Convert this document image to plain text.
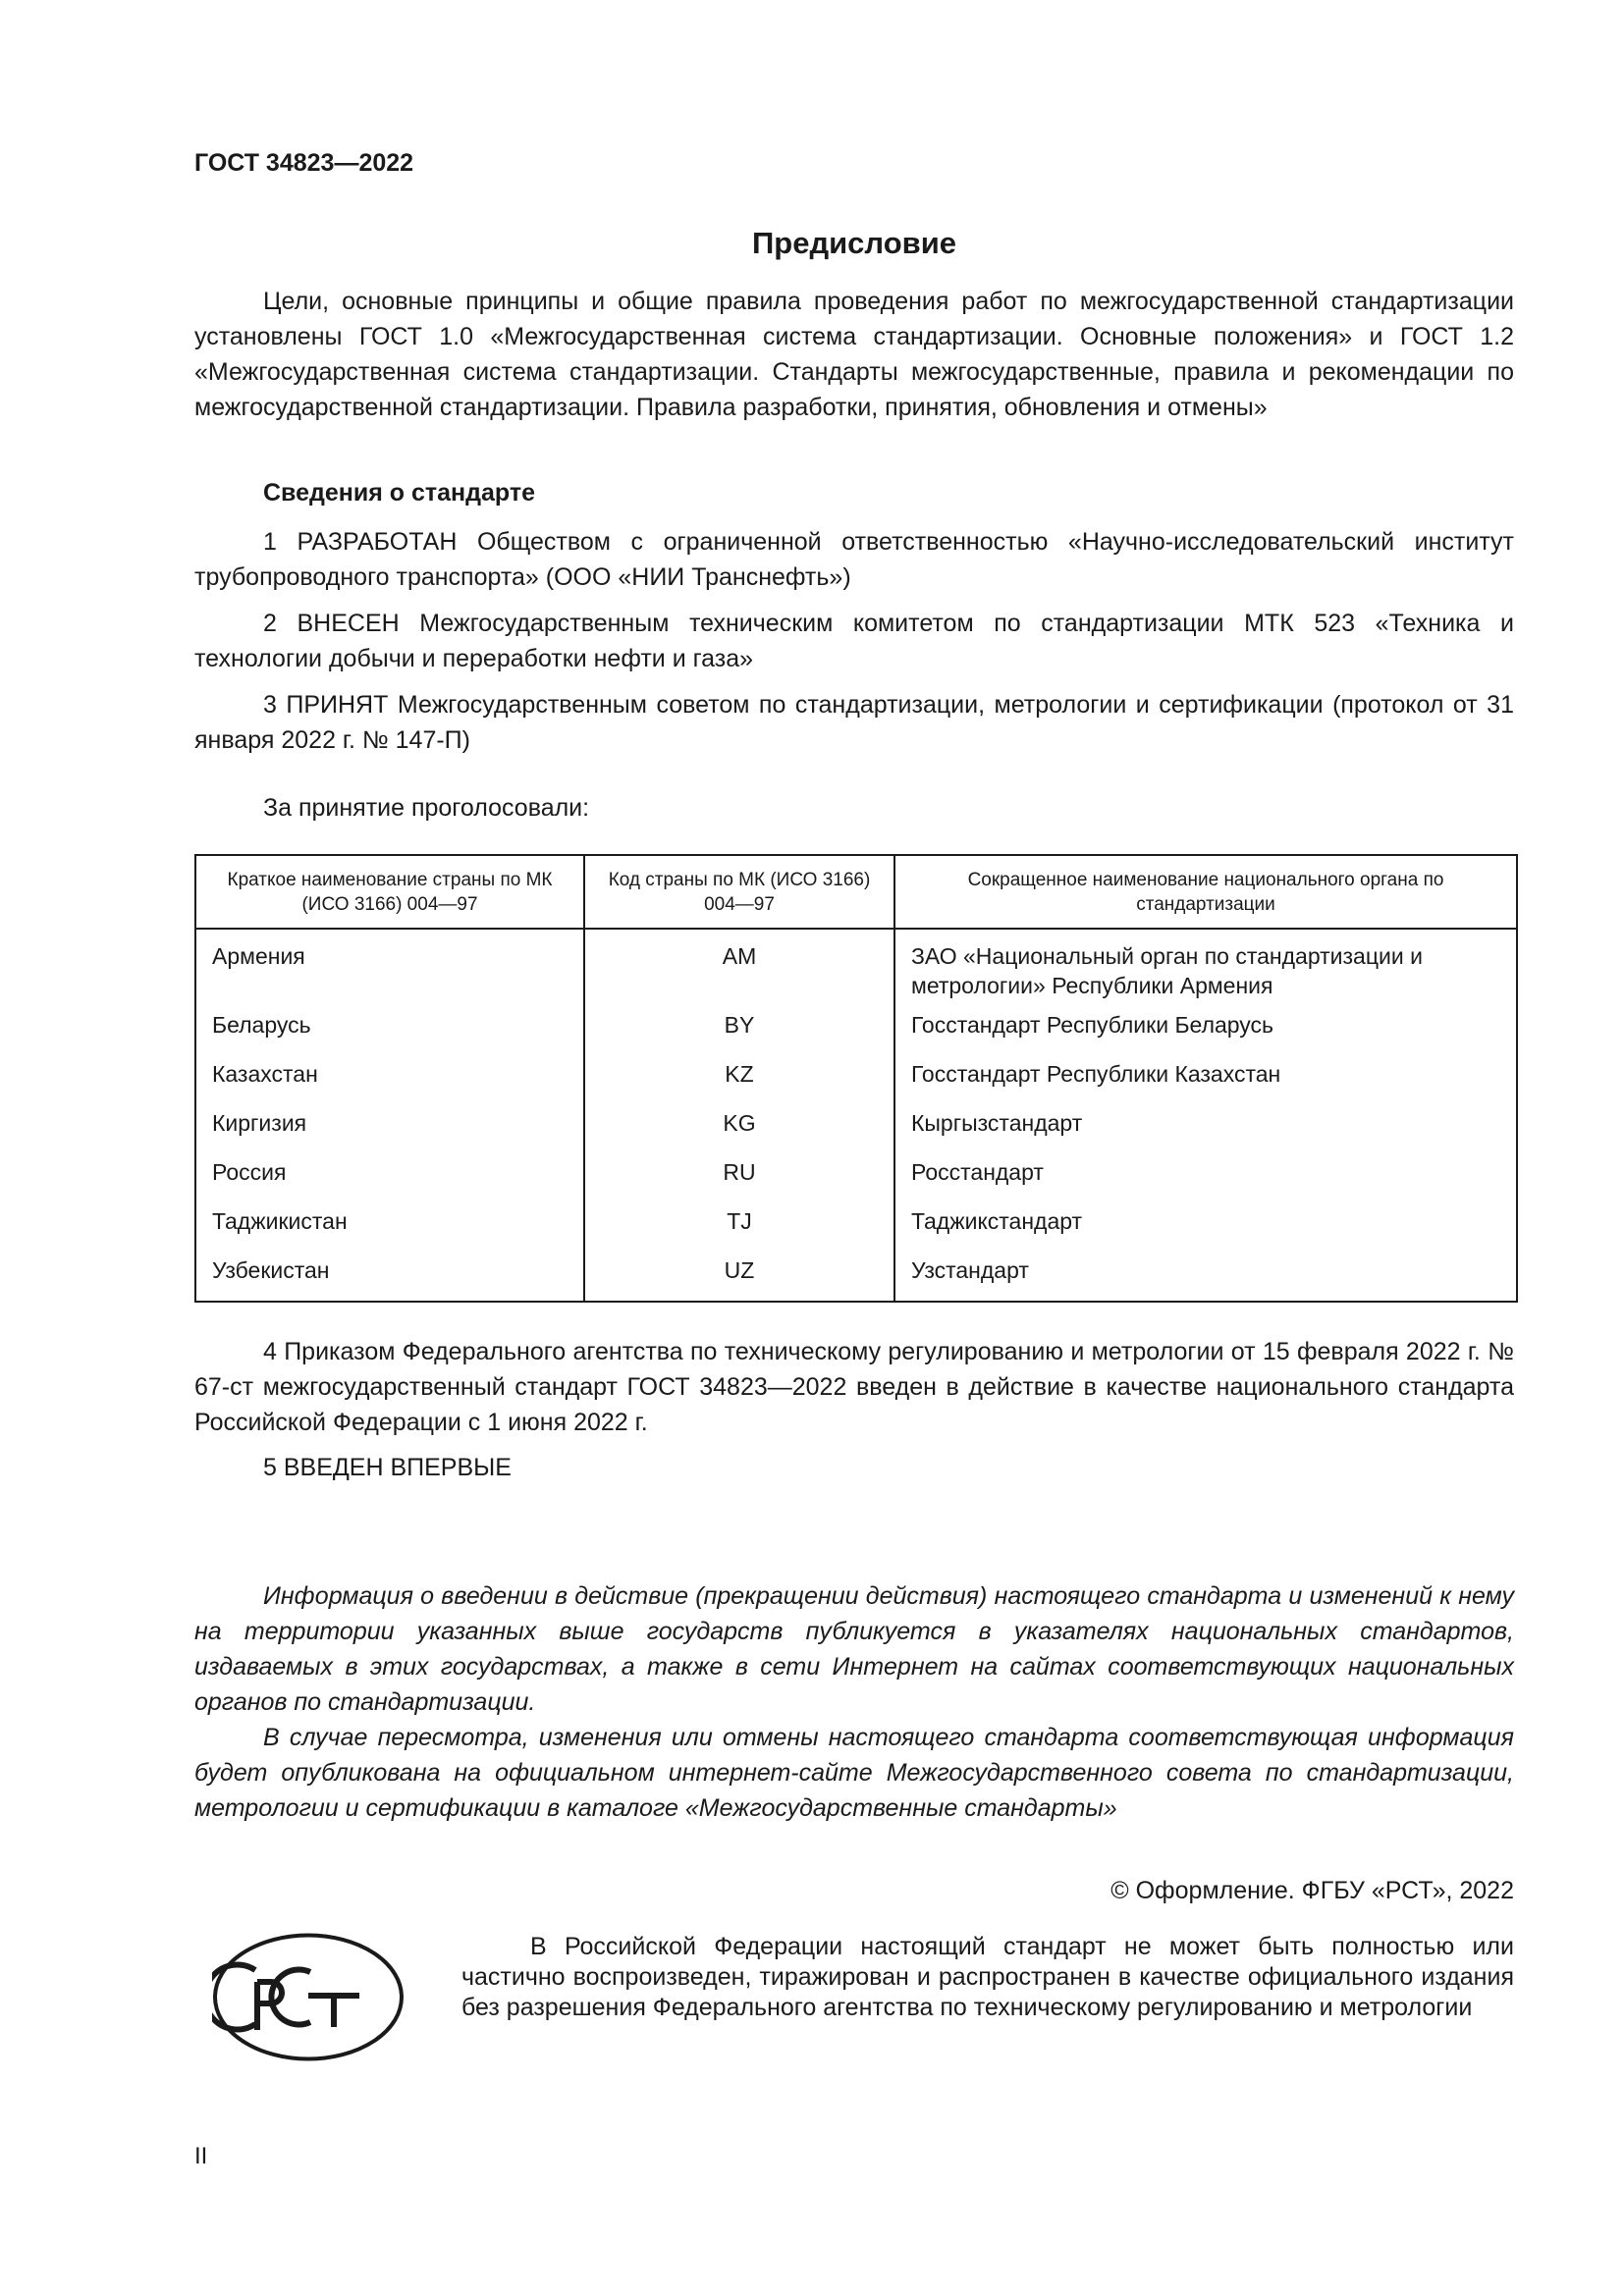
ГОСТ 34823—2022
Предисловие

Цели, основные принципы и общие правила проведения работ по межгосударственной стандартизации установлены ГОСТ 1.0 «Межгосударственная система стандартизации. Основные положения» и ГОСТ 1.2 «Межгосударственная система стандартизации. Стандарты межгосударственные, правила и рекомендации по межгосударственной стандартизации. Правила разработки, принятия, обновления и отмены»

Сведения о стандарте

1 РАЗРАБОТАН Обществом с ограниченной ответственностью «Научно-исследовательский институт трубопроводного транспорта» (ООО «НИИ Транснефть»)

2 ВНЕСЕН Межгосударственным техническим комитетом по стандартизации МТК 523 «Техника и технологии добычи и переработки нефти и газа»

3 ПРИНЯТ Межгосударственным советом по стандартизации, метрологии и сертификации (протокол от 31 января 2022 г. № 147-П)

За принятие проголосовали:

Краткое наименование страны по МК (ИСО 3166) 004—97	Код страны по МК (ИСО 3166) 004—97	Сокращенное наименование национального органа по стандартизации
Армения	AM	ЗАО «Национальный орган по стандартизации и метрологии» Республики Армения
Беларусь	BY	Госстандарт Республики Беларусь
Казахстан	KZ	Госстандарт Республики Казахстан
Киргизия	KG	Кыргызстандарт
Россия	RU	Росстандарт
Таджикистан	TJ	Таджикстандарт
Узбекистан	UZ	Узстандарт

4 Приказом Федерального агентства по техническому регулированию и метрологии от 15 февраля 2022 г. № 67-ст межгосударственный стандарт ГОСТ 34823—2022 введен в действие в качестве национального стандарта Российской Федерации с 1 июня 2022 г.

5 ВВЕДЕН ВПЕРВЫЕ

Информация о введении в действие (прекращении действия) настоящего стандарта и изменений к нему на территории указанных выше государств публикуется в указателях национальных стандартов, издаваемых в этих государствах, а также в сети Интернет на сайтах соответствующих национальных органов по стандартизации.

В случае пересмотра, изменения или отмены настоящего стандарта соответствующая информация будет опубликована на официальном интернет-сайте Межгосударственного совета по стандартизации, метрологии и сертификации в каталоге «Межгосударственные стандарты»

© Оформление. ФГБУ «РСТ», 2022

В Российской Федерации настоящий стандарт не может быть полностью или частично воспроизведен, тиражирован и распространен в качестве официального издания без разрешения Федерального агентства по техническому регулированию и метрологии

II
